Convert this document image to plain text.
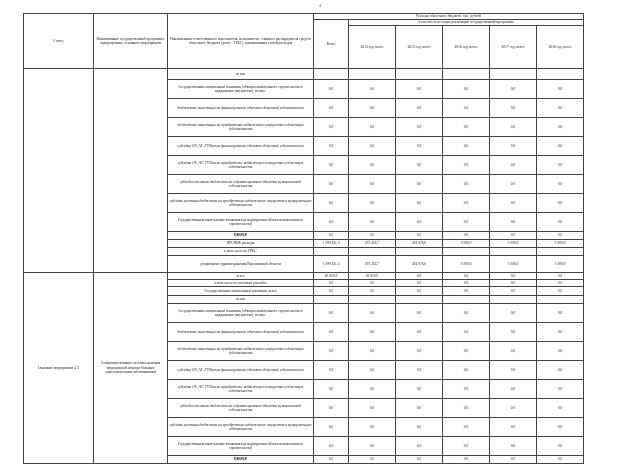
4
Статус	Наименование государственной программы, подпрограммы, основного мероприятия	Наименование ответственного исполнителя, исполнителя - главного распорядителя средств областного бюджета (далее - ГРБС), наименования статей расходов	Расходы областного бюджета, тыс. рублей					
			Всего	в том числе по годам реализации государственной программы				
				2014 год, всего	2015 год, всего	2016 год, всего	2017 год, всего	2018 год, всего
		из них						
		Государственные капитальные вложения (объекты капитального строительства и недвижимое имущество), из них:	0,0	0,0	0,0	0,0	0,0	0,0
		бюджетные инвестиции на финансирование объектов областной собственности	0,0	0,0	0,0	0,0	0,0	0,0
		бюджетные инвестиции на приобретение недвижимого имущества в областную собственность	0,0	0,0	0,0	0,0	0,0	0,0
		субсидии ОУ, АУ, ГУПам на финансирование объектов областной собственности	0,0	0,0	0,0	0,0	0,0	0,0
		субсидии ОУ, АУ, ГУПам на приобретение недвижимого имущества в областную собственность	0,0	0,0	0,0	0,0	0,0	0,0
		субсидии местным бюджетам на софинансирование объектов муниципальной собственности	0,0	0,0	0,0	0,0	0,0	0,0
		субсидии местным бюджетам на приобретение недвижимого имущества в муниципальную собственность	0,0	0,0	0,0	0,0	0,0	0,0
		Государственные капитальные вложения (на мероприятия объектов капитального строительства)	0,0	0,0	0,0	0,0	0,0	0,0
		НИОКР	0,0	0,0	0,0	0,0	0,0	0,0
		ПРОЧИЕ расходы	1 399 431,3	475 454,7	454 076,6	3 500,0	3 500,0	3 500,0
		в том числе по ГРБС						
		департамент здравоохранения Воронежской области	1 399 431,3	475 454,7	454 076,6	3 500,0	3 500,0	3 500,0
Основное мероприятие 2.5	Совершенствование системы оказания медицинской помощи больным онкологическими заболеваниями	всего	45 818,5	45 818,5	0,0	0,0	0,0	0,0
		в том числе по статьям расходов	0,0	0,0	0,0	0,0	0,0	0,0
		Государственные капитальные вложения, всего	0,0	0,0	0,0	0,0	0,0	0,0
		из них						
		Государственные капитальные вложения (объекты капитального строительства и недвижимое имущество), из них:	0,0	0,0	0,0	0,0	0,0	0,0
		бюджетные инвестиции на финансирование объектов областной собственности	0,0	0,0	0,0	0,0	0,0	0,0
		бюджетные инвестиции на приобретение недвижимого имущества в областную собственность	0,0	0,0	0,0	0,0	0,0	0,0
		субсидии ОУ, АУ, ГУПам на финансирование объектов областной собственности	0,0	0,0	0,0	0,0	0,0	0,0
		субсидии ОУ, АУ, ГУПам на приобретение недвижимого имущества в областную собственность	0,0	0,0	0,0	0,0	0,0	0,0
		субсидии местным бюджетам на софинансирование объектов муниципальной собственности	0,0	0,0	0,0	0,0	0,0	0,0
		субсидии местным бюджетам на приобретение недвижимого имущества в муниципальную собственность	0,0	0,0	0,0	0,0	0,0	0,0
		Государственные капитальные вложения (на мероприятия объектов капитального строительства)	0,0	0,0	0,0	0,0	0,0	0,0
		НИОКР	0,0	0,0	0,0	0,0	0,0	0,0
